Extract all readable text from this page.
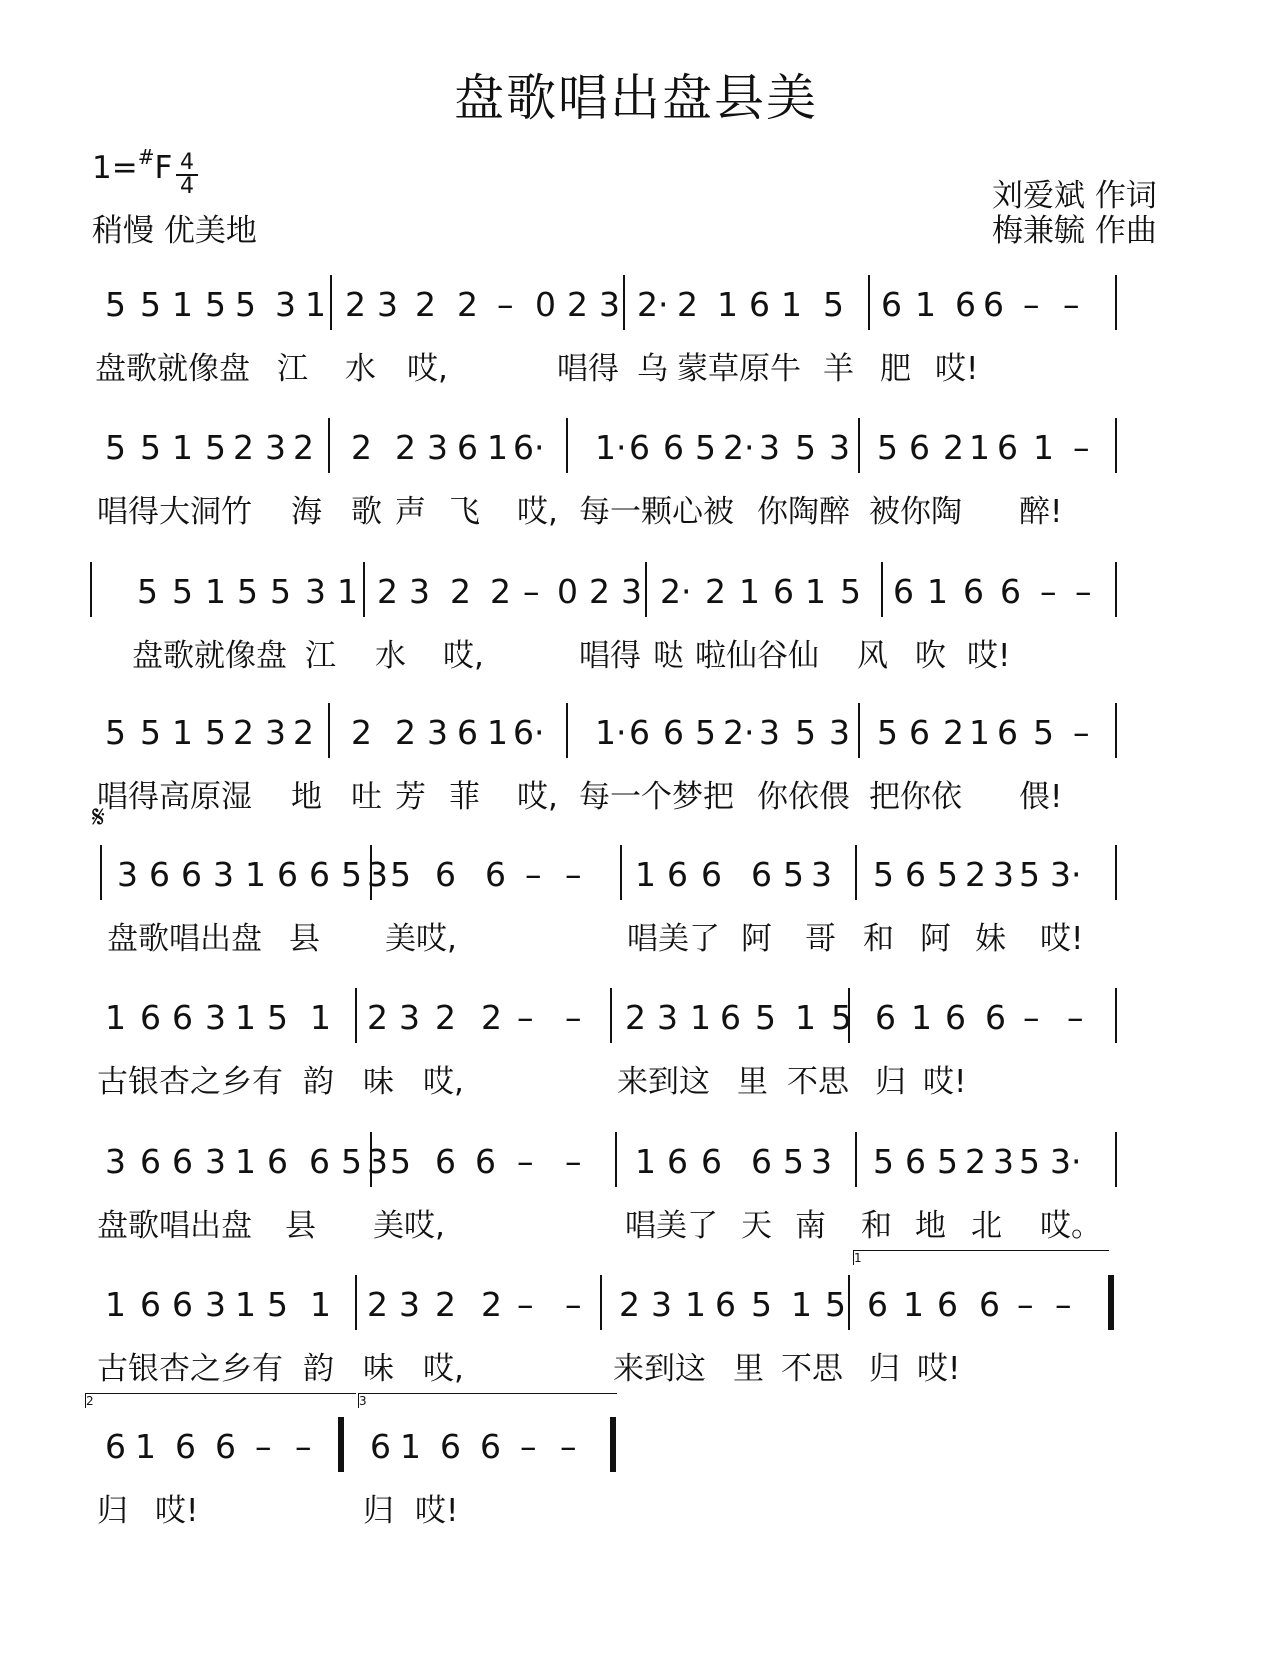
盘歌唱出盘县美
1=#F 4
4
稍慢 优美地
刘爱斌 作词
梅兼毓 作曲
𝄋
5 5 1 5 5 3 1 2 3 2 2 – 0 2 3 2· 2 1 6 1 5 6 1 6 6 – –
盘歌就像盘 江 水 哎,	唱得 乌 蒙草原牛 羊 肥 哎!
5 5 1 5 2 3 2 2 2 3 6 1 6· 1· 6 6 5 2· 3 5 3 5 6 2 1 6 1 –
唱得大洞竹 海 歌 声 飞 哎, 每一颗心被 你陶醉 被你陶 醉!
5 5 1 5 5 3 1 2 3 2 2 – 0 2 3 2· 2 1 6 1 5 6 1 6 6 – –
盘歌就像盘 江 水 哎,	唱得 哒 啦仙谷仙 风 吹 哎!
5 5 1 5 2 3 2 2 2 3 6 1 6· 1· 6 6 5 2· 3 5 3 5 6 2 1 6 5 –
唱得高原湿 地 吐 芳 菲 哎, 每一个梦把 你依偎 把你依 偎!
3 6 6 3 1 6 6 5 3 5 6 6 – – 1 6 6 6 5 3 5 6 5 2 3 5 3·
盘歌唱出盘 县 美哎,	唱美了 阿 哥 和 阿 妹 哎!
1 6 6 3 1 5 1 2 3 2 2 – – 2 3 1 6 5 1 5 6 1 6 6 – –
古银杏之乡有 韵 味 哎,	来到这 里 不思 归 哎!
3 6 6 3 1 6 6 5 3 5 6 6 – – 1 6 6 6 5 3 5 6 5 2 3 5 3·
盘歌唱出盘 县 美哎,	唱美了 天 南 和 地 北 哎。
1 6 6 3 1 5 1 2 3 2 2 – – 2 3 1 6 5 1 5 6 1 6 6 – –
古银杏之乡有 韵 味 哎,	来到这 里 不思 归 哎!
6 1 6 6 – – 6 1 6 6 – –
归 哎!	归 哎!
1
2	3
